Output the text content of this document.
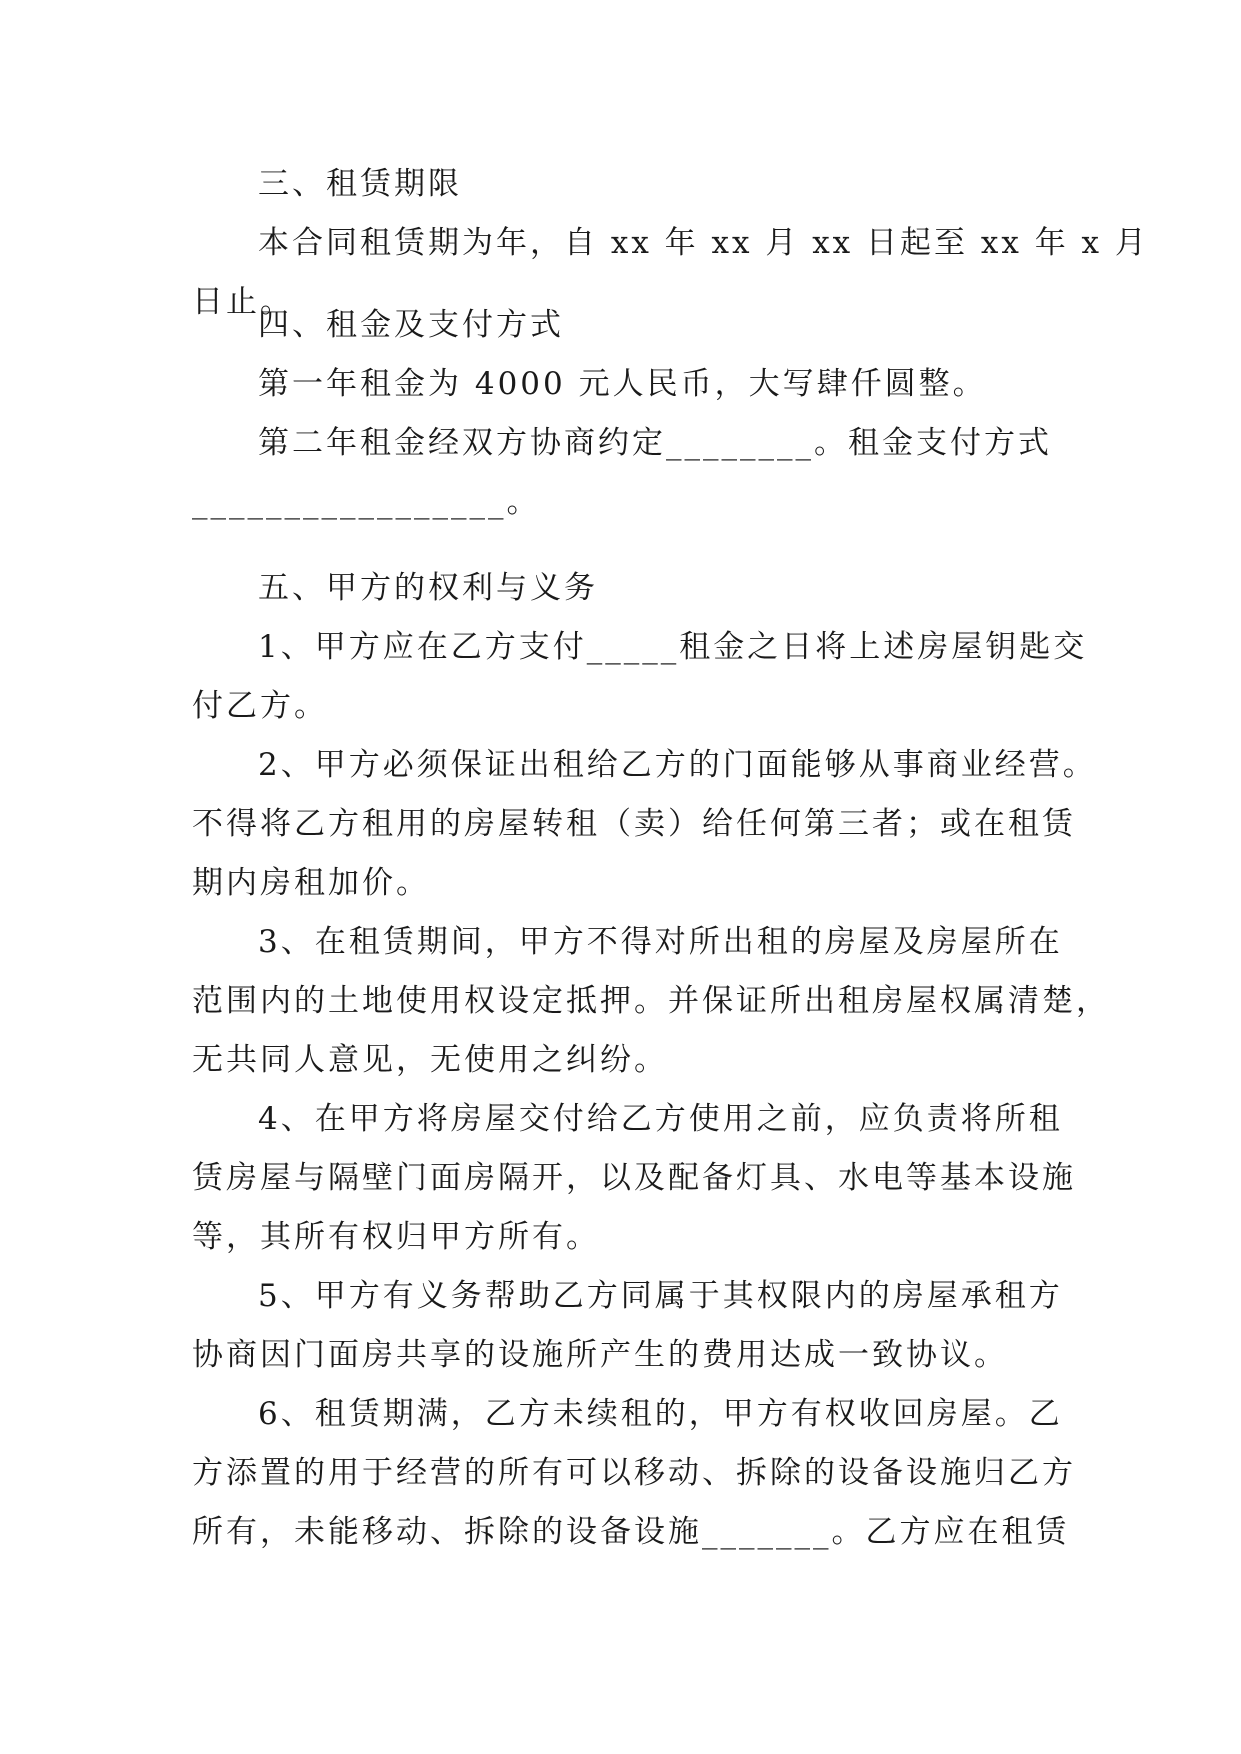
三、租赁期限
本合同租赁期为年，自 xx 年 xx 月 xx 日起至 xx 年 x 月
日止。
四、租金及支付方式
第一年租金为 4000 元人民币，大写肆仟圆整。
第二年租金经双方协商约定________。租金支付方式
_________________。
五、甲方的权利与义务
1、甲方应在乙方支付_____租金之日将上述房屋钥匙交
付乙方。
2、甲方必须保证出租给乙方的门面能够从事商业经营。
不得将乙方租用的房屋转租（卖）给任何第三者；或在租赁
期内房租加价。
3、在租赁期间，甲方不得对所出租的房屋及房屋所在
范围内的土地使用权设定抵押。并保证所出租房屋权属清楚，
无共同人意见，无使用之纠纷。
4、在甲方将房屋交付给乙方使用之前，应负责将所租
赁房屋与隔壁门面房隔开，以及配备灯具、水电等基本设施
等，其所有权归甲方所有。
5、甲方有义务帮助乙方同属于其权限内的房屋承租方
协商因门面房共享的设施所产生的费用达成一致协议。
6、租赁期满，乙方未续租的，甲方有权收回房屋。乙
方添置的用于经营的所有可以移动、拆除的设备设施归乙方
所有，未能移动、拆除的设备设施_______。乙方应在租赁
